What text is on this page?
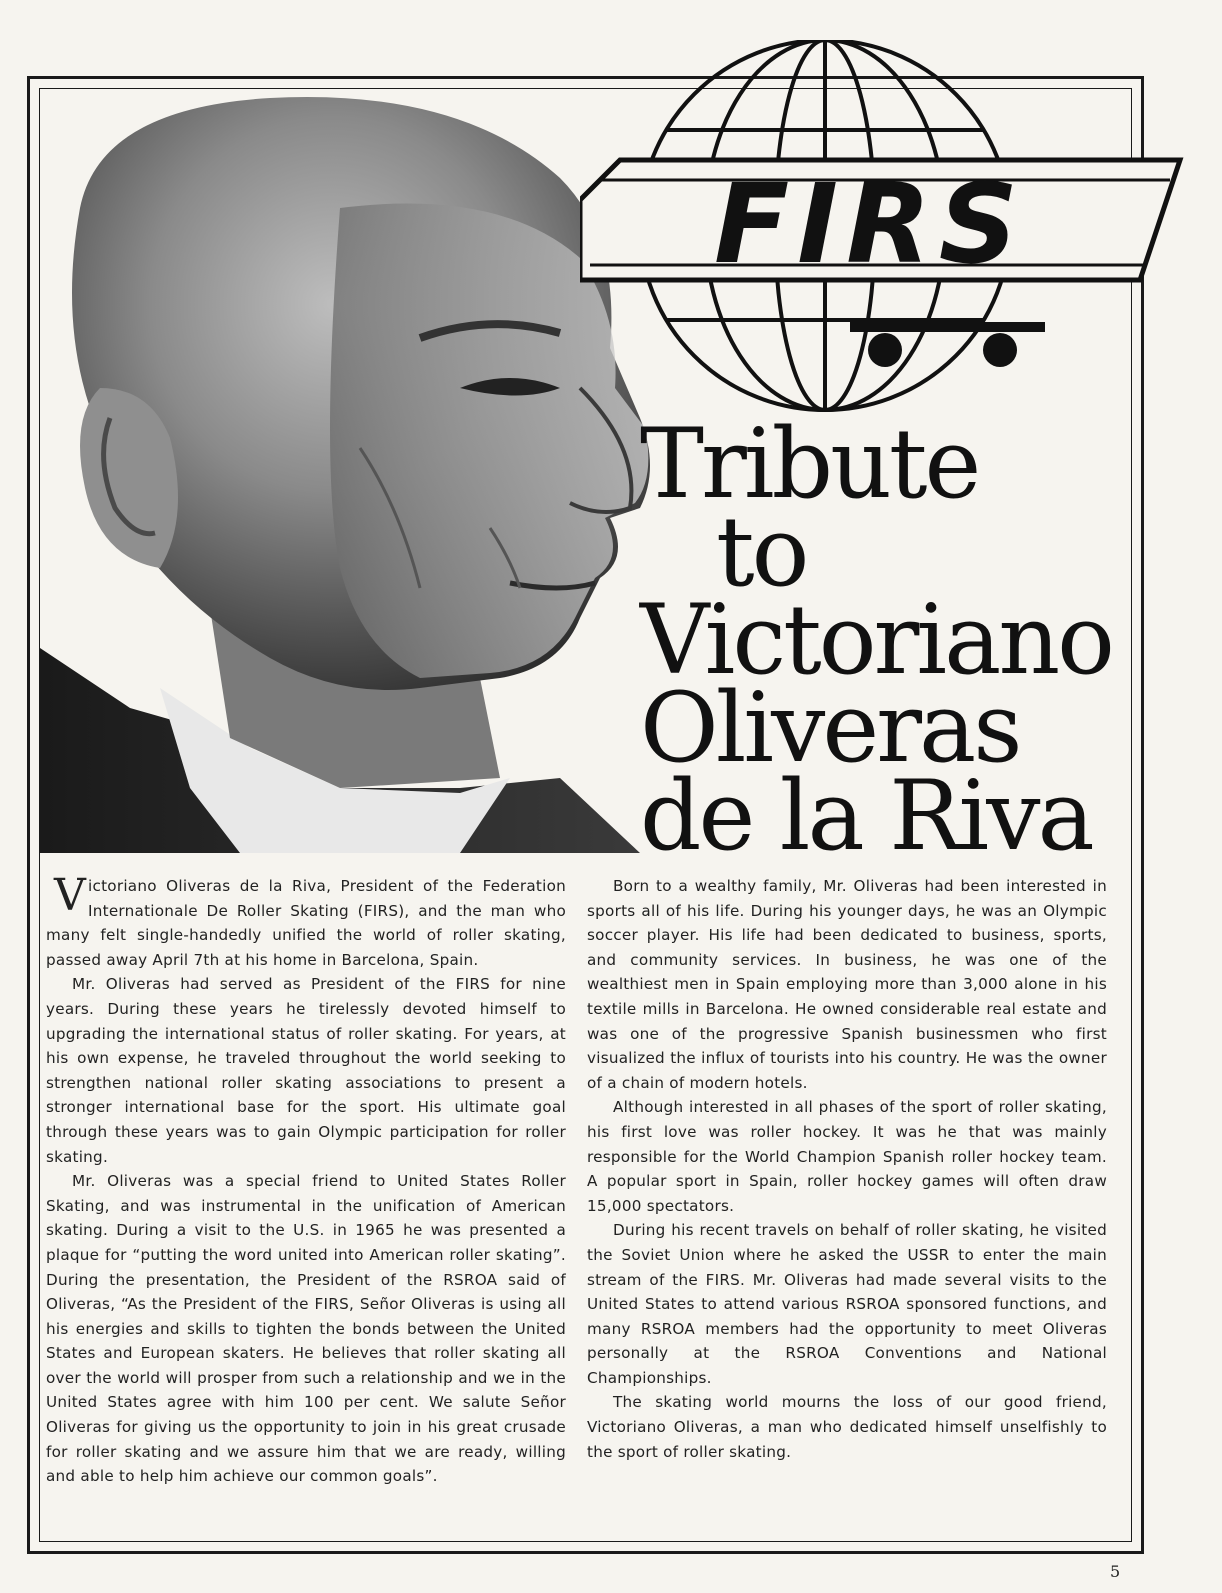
FIRS
Tribute
to
Victoriano
Oliveras
de la Riva

Victoriano Oliveras de la Riva, President of the Federation Internationale De Roller Skating (FIRS), and the man who many felt single-handedly unified the world of roller skating, passed away April 7th at his home in Barcelona, Spain.

Mr. Oliveras had served as President of the FIRS for nine years. During these years he tirelessly devoted himself to upgrading the international status of roller skating. For years, at his own expense, he traveled throughout the world seeking to strengthen national roller skating associations to present a stronger international base for the sport. His ultimate goal through these years was to gain Olympic participation for roller skating.

Mr. Oliveras was a special friend to United States Roller Skating, and was instrumental in the unification of American skating. During a visit to the U.S. in 1965 he was presented a plaque for “putting the word united into American roller skating”. During the presentation, the President of the RSROA said of Oliveras, “As the President of the FIRS, Señor Oliveras is using all his energies and skills to tighten the bonds between the United States and European skaters. He believes that roller skating all over the world will prosper from such a relationship and we in the United States agree with him 100 per cent. We salute Señor Oliveras for giving us the opportunity to join in his great crusade for roller skating and we assure him that we are ready, willing and able to help him achieve our common goals”.

Born to a wealthy family, Mr. Oliveras had been interested in sports all of his life. During his younger days, he was an Olympic soccer player. His life had been dedicated to business, sports, and community services. In business, he was one of the wealthiest men in Spain employing more than 3,000 alone in his textile mills in Barcelona. He owned considerable real estate and was one of the progressive Spanish businessmen who first visualized the influx of tourists into his country. He was the owner of a chain of modern hotels.

Although interested in all phases of the sport of roller skating, his first love was roller hockey. It was he that was mainly responsible for the World Champion Spanish roller hockey team. A popular sport in Spain, roller hockey games will often draw 15,000 spectators.

During his recent travels on behalf of roller skating, he visited the Soviet Union where he asked the USSR to enter the main stream of the FIRS. Mr. Oliveras had made several visits to the United States to attend various RSROA sponsored functions, and many RSROA members had the opportunity to meet Oliveras personally at the RSROA Conventions and National Championships.

The skating world mourns the loss of our good friend, Victoriano Oliveras, a man who dedicated himself unselfishly to the sport of roller skating.

5
